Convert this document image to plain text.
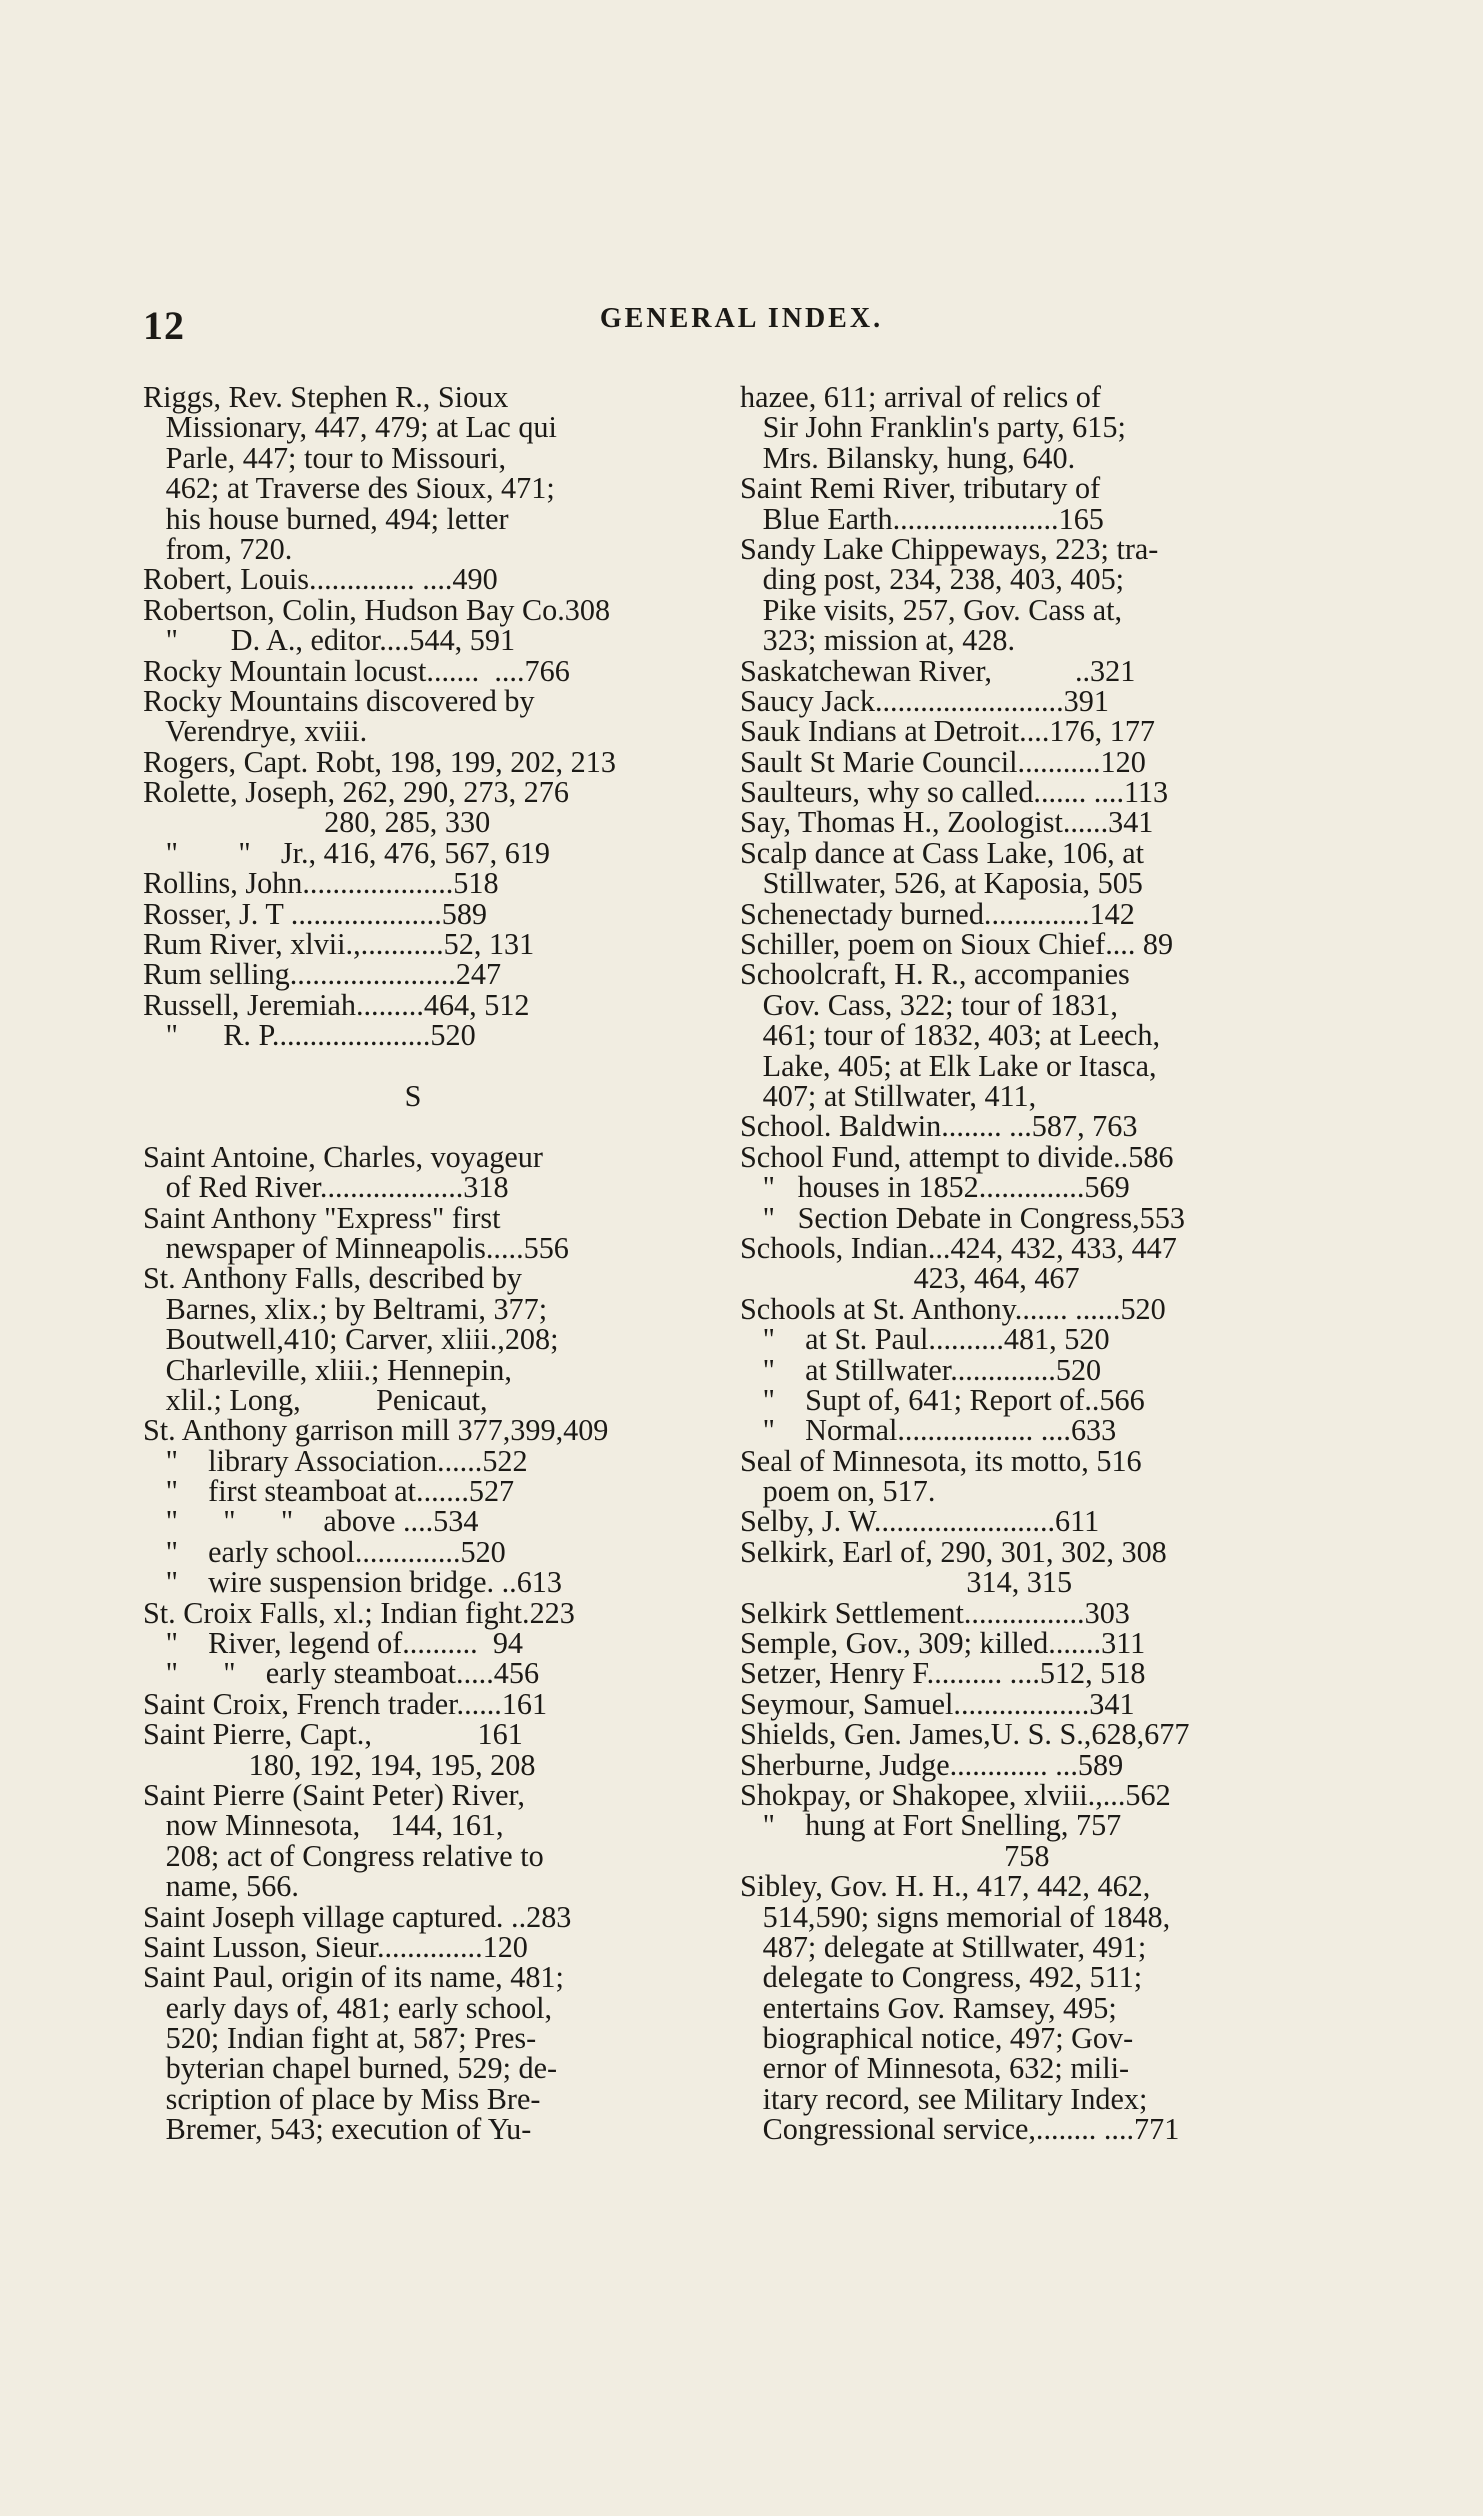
12	GENERAL INDEX.
Riggs, Rev. Stephen R., Sioux
Missionary, 447, 479; at Lac qui
Parle, 447; tour to Missouri,
462; at Traverse des Sioux, 471;
his house burned, 494; letter
from, 720.
Robert, Louis.............. ....490
Robertson, Colin, Hudson Bay Co.308
"       D. A., editor....544, 591
Rocky Mountain locust.......  ....766
Rocky Mountains discovered by
Verendrye, xviii.
Rogers, Capt. Robt, 198, 199, 202, 213
Rolette, Joseph, 262, 290, 273, 276
280, 285, 330
"        "    Jr., 416, 476, 567, 619
Rollins, John....................518
Rosser, J. T ....................589
Rum River, xlvii.,...........52, 131
Rum selling......................247
Russell, Jeremiah.........464, 512
"      R. P.....................520
S
Saint Antoine, Charles, voyageur
of Red River...................318
Saint Anthony "Express" first
newspaper of Minneapolis.....556
St. Anthony Falls, described by
Barnes, xlix.; by Beltrami, 377;
Boutwell,410; Carver, xliii.,208;
Charleville, xliii.; Hennepin,
xlil.; Long,          Penicaut,
St. Anthony garrison mill 377,399,409
"    library Association......522
"    first steamboat at.......527
"      "      "    above ....534
"    early school..............520
"    wire suspension bridge. ..613
St. Croix Falls, xl.; Indian fight.223
"    River, legend of..........  94
"      "    early steamboat.....456
Saint Croix, French trader......161
Saint Pierre, Capt.,              161
180, 192, 194, 195, 208
Saint Pierre (Saint Peter) River,
now Minnesota,    144, 161,
208; act of Congress relative to
name, 566.
Saint Joseph village captured. ..283
Saint Lusson, Sieur..............120
Saint Paul, origin of its name, 481;
early days of, 481; early school,
520; Indian fight at, 587; Pres-
byterian chapel burned, 529; de-
scription of place by Miss Bre-
Bremer, 543; execution of Yu-
hazee, 611; arrival of relics of
Sir John Franklin's party, 615;
Mrs. Bilansky, hung, 640.
Saint Remi River, tributary of
Blue Earth......................165
Sandy Lake Chippeways, 223; tra-
ding post, 234, 238, 403, 405;
Pike visits, 257, Gov. Cass at,
323; mission at, 428.
Saskatchewan River,           ..321
Saucy Jack.........................391
Sauk Indians at Detroit....176, 177
Sault St Marie Council...........120
Saulteurs, why so called....... ....113
Say, Thomas H., Zoologist......341
Scalp dance at Cass Lake, 106, at
Stillwater, 526, at Kaposia, 505
Schenectady burned..............142
Schiller, poem on Sioux Chief.... 89
Schoolcraft, H. R., accompanies
Gov. Cass, 322; tour of 1831,
461; tour of 1832, 403; at Leech,
Lake, 405; at Elk Lake or Itasca,
407; at Stillwater, 411,
School. Baldwin........ ...587, 763
School Fund, attempt to divide..586
"   houses in 1852..............569
"   Section Debate in Congress,553
Schools, Indian...424, 432, 433, 447
423, 464, 467
Schools at St. Anthony....... ......520
"    at St. Paul..........481, 520
"    at Stillwater..............520
"    Supt of, 641; Report of..566
"    Normal.................. ....633
Seal of Minnesota, its motto, 516
poem on, 517.
Selby, J. W........................611
Selkirk, Earl of, 290, 301, 302, 308
314, 315
Selkirk Settlement................303
Semple, Gov., 309; killed.......311
Setzer, Henry F.......... ....512, 518
Seymour, Samuel..................341
Shields, Gen. James,U. S. S.,628,677
Sherburne, Judge............. ...589
Shokpay, or Shakopee, xlviii.,...562
"    hung at Fort Snelling, 757
758
Sibley, Gov. H. H., 417, 442, 462,
514,590; signs memorial of 1848,
487; delegate at Stillwater, 491;
delegate to Congress, 492, 511;
entertains Gov. Ramsey, 495;
biographical notice, 497; Gov-
ernor of Minnesota, 632; mili-
itary record, see Military Index;
Congressional service,........ ....771
